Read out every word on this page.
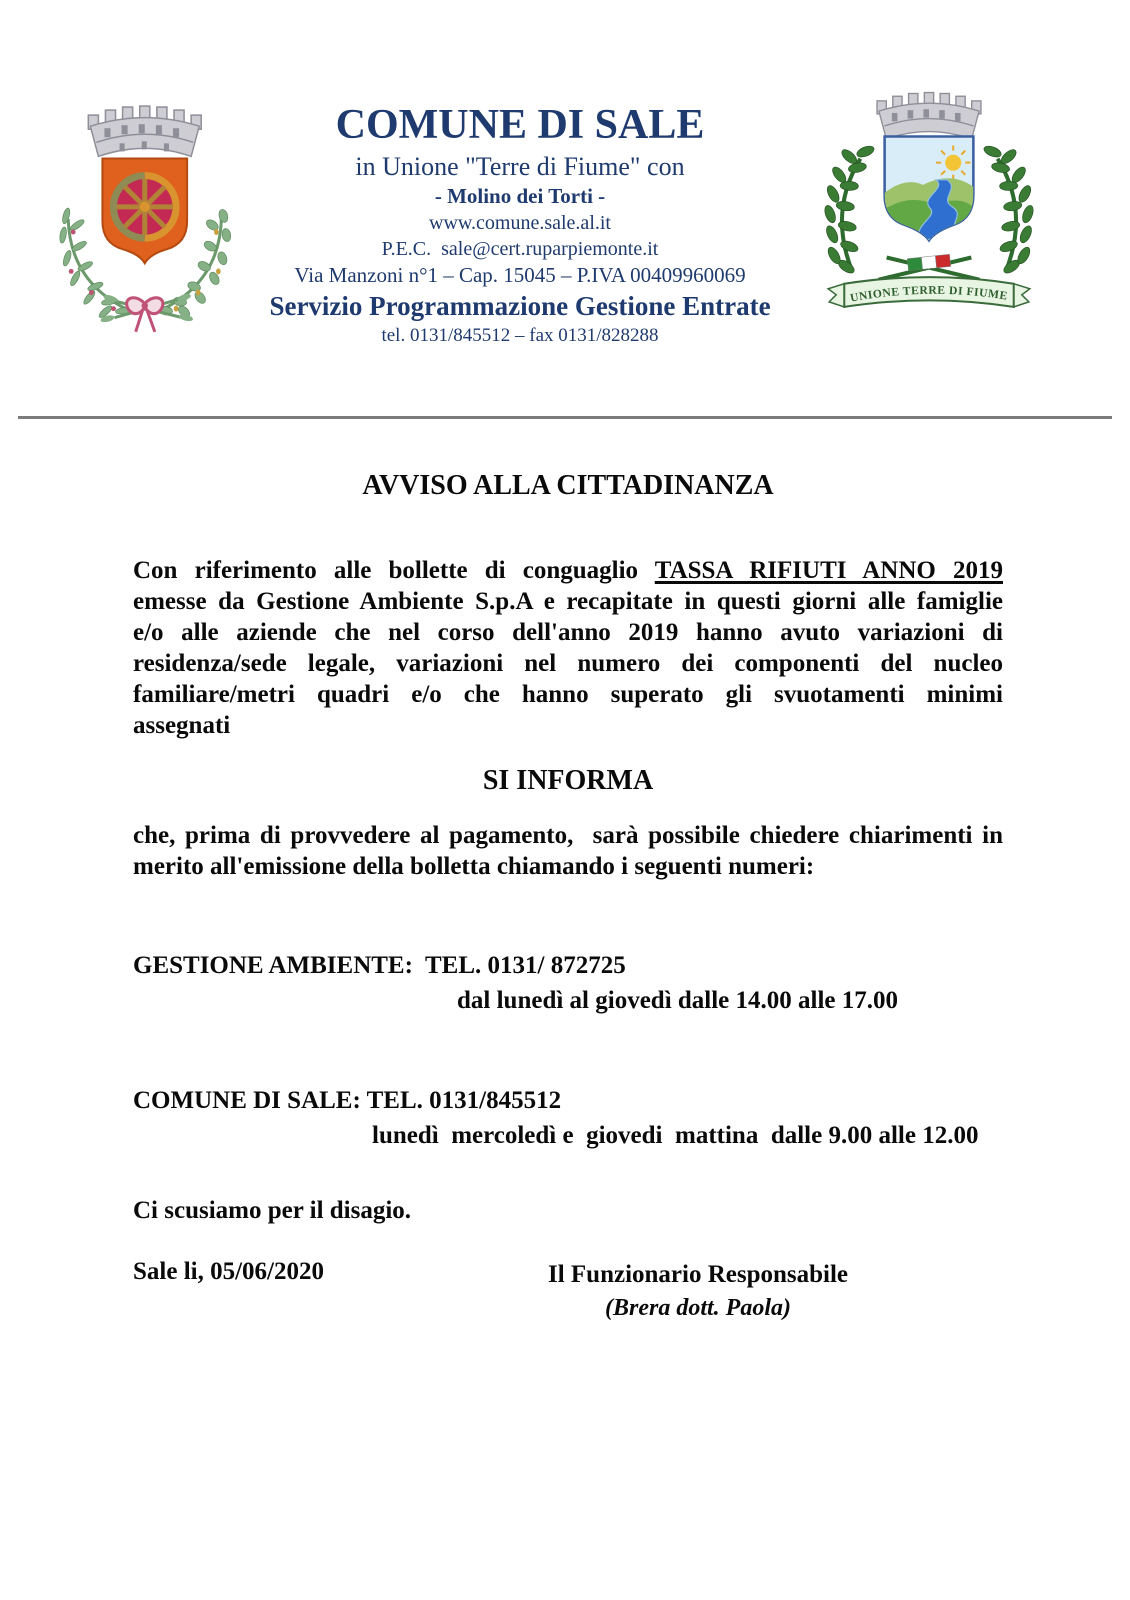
COMUNE DI SALE
in Unione "Terre di Fiume" con
- Molino dei Torti -
www.comune.sale.al.it
P.E.C.  sale@cert.ruparpiemonte.it
Via Manzoni n°1 – Cap. 15045 – P.IVA 00409960069
Servizio Programmazione Gestione Entrate
tel. 0131/845512 – fax 0131/828288
UNIONE TERRE DI FIUME
AVVISO ALLA CITTADINANZA
Con riferimento alle bollette di conguaglio TASSA RIFIUTI ANNO 2019
emesse da Gestione Ambiente S.p.A e recapitate in questi giorni alle famiglie
e/o alle aziende che nel corso dell'anno 2019 hanno avuto variazioni di
residenza/sede legale, variazioni nel numero dei componenti del nucleo
familiare/metri quadri e/o che hanno superato gli svuotamenti minimi
assegnati
SI INFORMA
che, prima di provvedere al pagamento,  sarà possibile chiedere chiarimenti in
merito all'emissione della bolletta chiamando i seguenti numeri:
GESTIONE AMBIENTE:  TEL. 0131/ 872725
dal lunedì al giovedì dalle 14.00 alle 17.00
COMUNE DI SALE: TEL. 0131/845512
lunedì  mercoledì e  giovedi  mattina  dalle 9.00 alle 12.00
Ci scusiamo per il disagio.
Sale li, 05/06/2020	Il Funzionario Responsabile
(Brera dott. Paola)
